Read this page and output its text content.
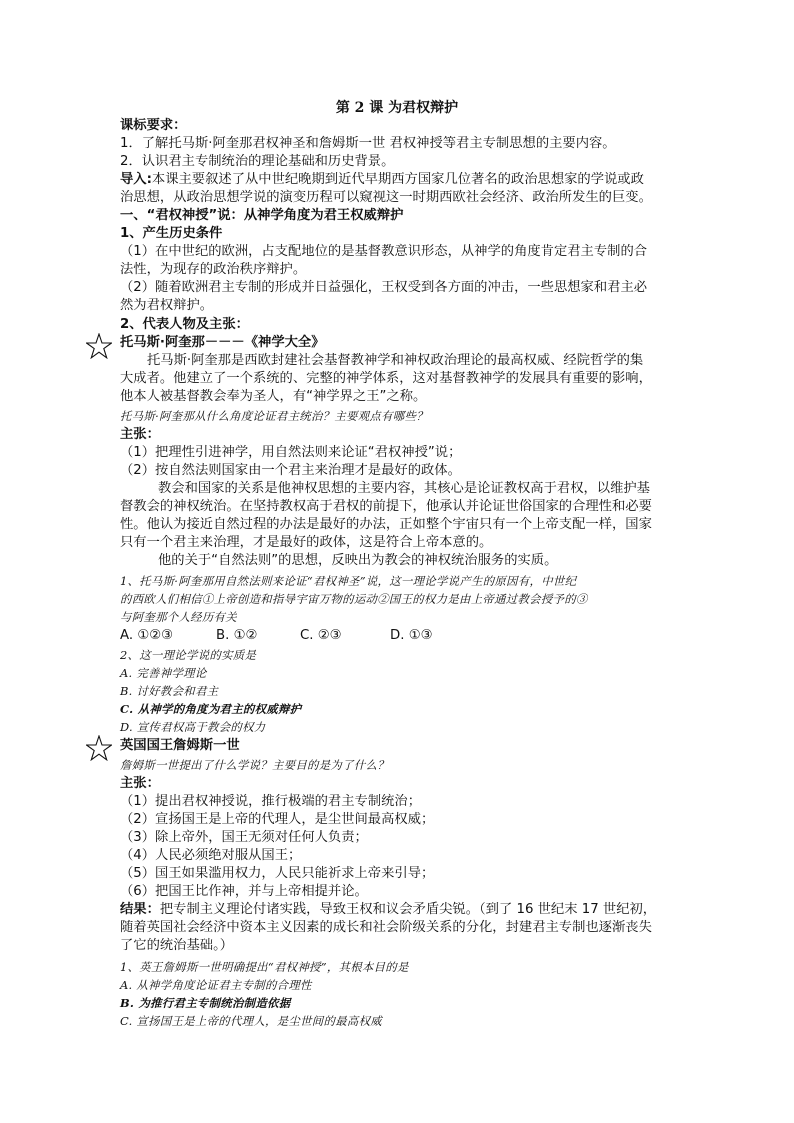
第 2 课 为君权辩护
课标要求：
1．了解托马斯·阿奎那君权神圣和詹姆斯一世 君权神授等君主专制思想的主要内容。
2．认识君主专制统治的理论基础和历史背景。
导入:本课主要叙述了从中世纪晚期到近代早期西方国家几位著名的政治思想家的学说或政
治思想，从政治思想学说的演变历程可以窥视这一时期西欧社会经济、政治所发生的巨变。
一、“君权神授”说：从神学角度为君王权威辩护
1、产生历史条件
（1）在中世纪的欧洲，占支配地位的是基督教意识形态，从神学的角度肯定君主专制的合
法性，为现存的政治秩序辩护。
（2）随着欧洲君主专制的形成并日益强化，王权受到各方面的冲击，一些思想家和君主必
然为君权辩护。
2、代表人物及主张：
托马斯·阿奎那－－－《神学大全》
托马斯·阿奎那是西欧封建社会基督教神学和神权政治理论的最高权威、经院哲学的集
大成者。他建立了一个系统的、完整的神学体系，这对基督教神学的发展具有重要的影响，
他本人被基督教会奉为圣人，有“神学界之王”之称。
托马斯·阿奎那从什么角度论证君主统治？主要观点有哪些？
主张：
（1）把理性引进神学，用自然法则来论证“君权神授”说；
（2）按自然法则国家由一个君主来治理才是最好的政体。
教会和国家的关系是他神权思想的主要内容，其核心是论证教权高于君权，以维护基
督教会的神权统治。在坚持教权高于君权的前提下，他承认并论证世俗国家的合理性和必要
性。他认为接近自然过程的办法是最好的办法，正如整个宇宙只有一个上帝支配一样，国家
只有一个君主来治理，才是最好的政体，这是符合上帝本意的。
他的关于“自然法则”的思想，反映出为教会的神权统治服务的实质。
1、托马斯·阿奎那用自然法则来论证“君权神圣”说，这一理论学说产生的原因有，中世纪
的西欧人们相信①上帝创造和指导宇宙万物的运动②国王的权力是由上帝通过教会授予的③
与阿奎那个人经历有关
A. ①②③	B. ①②	C. ②③	D. ①③
2、这一理论学说的实质是
A. 完善神学理论
B. 讨好教会和君主
C. 从神学的角度为君主的权威辩护
D. 宣传君权高于教会的权力
英国国王詹姆斯一世
詹姆斯一世提出了什么学说？主要目的是为了什么？
主张：
（1）提出君权神授说，推行极端的君主专制统治；
（2）宣扬国王是上帝的代理人，是尘世间最高权威；
（3）除上帝外，国王无须对任何人负责；
（4）人民必须绝对服从国王；
（5）国王如果滥用权力，人民只能祈求上帝来引导；
（6）把国王比作神，并与上帝相提并论。
结果：把专制主义理论付诸实践，导致王权和议会矛盾尖锐。（到了 16 世纪末 17 世纪初，
随着英国社会经济中资本主义因素的成长和社会阶级关系的分化，封建君主专制也逐渐丧失
了它的统治基础。）
1、英王詹姆斯一世明确提出“君权神授”，其根本目的是
A. 从神学角度论证君主专制的合理性
B. 为推行君主专制统治制造依据
C. 宣扬国王是上帝的代理人，是尘世间的最高权威
